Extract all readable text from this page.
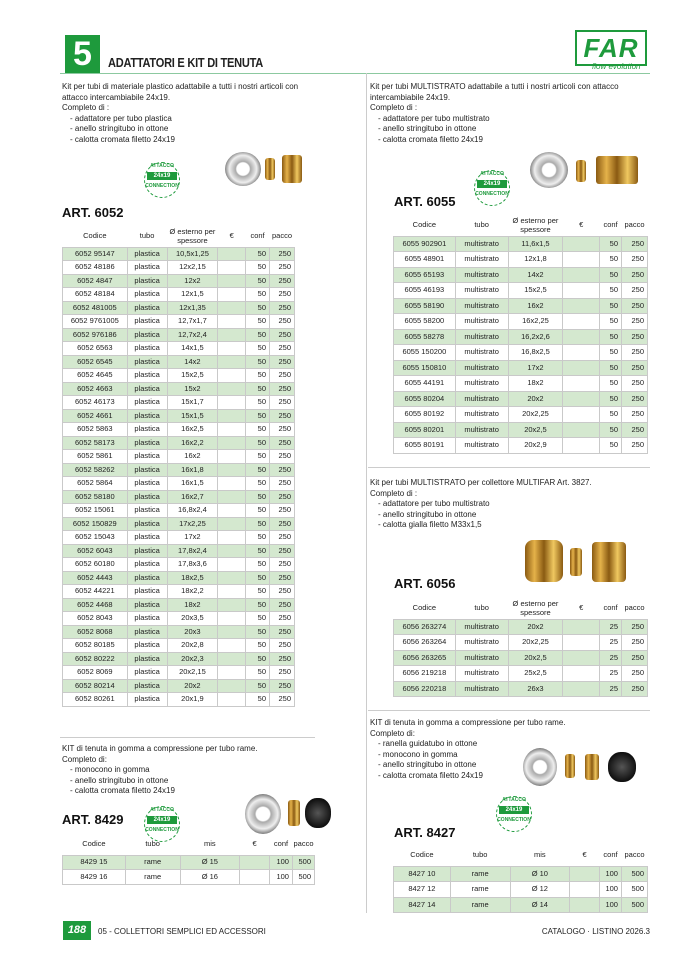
5	ADATTATORI E KIT DI TENUTA	FAR
flow evolution
Kit per tubi di materiale plastico adattabile a tutti i nostri articoli con attacco intercambiabile 24x19.
Completo di :
- adattatore per tubo plastica
- anello stringitubo in ottone
- calotta cromata filetto 24x19
KIT di tenuta in gomma a compressione per tubo rame.
Completo di:
- monocono in gomma
- anello stringitubo in ottone
- calotta cromata filetto 24x19
Kit per tubi MULTISTRATO adattabile a tutti i nostri articoli con attacco intercambiabile 24x19.
Completo di :
- adattatore per tubo multistrato
- anello stringitubo in ottone
- calotta cromata filetto 24x19
Kit per tubi MULTISTRATO per collettore MULTIFAR Art. 3827.
Completo di :
- adattatore per tubo multistrato
- anello stringitubo in ottone
- calotta gialla filetto M33x1,5
KIT di tenuta in gomma a compressione per tubo rame.
Completo di:
- ranella guidatubo in ottone
- monocono in gomma
- anello stringitubo in ottone
- calotta cromata filetto 24x19
ART. 6052
ART. 8429
ART. 6055
ART. 6056
ART. 8427
ATTACCO
24x19
CONNECTION
ATTACCO
24x19
CONNECTION
ATTACCO
24x19
CONNECTION
ATTACCO
24x19
CONNECTION
Codice	tubo	Ø esterno per spessore	€	conf	pacco
6052 95147	plastica	10,5x1,25		50	250
6052 48186	plastica	12x2,15		50	250
6052 4847	plastica	12x2		50	250
6052 48184	plastica	12x1,5		50	250
6052 481005	plastica	12x1,35		50	250
6052 9761005	plastica	12,7x1,7		50	250
6052 976186	plastica	12,7x2,4		50	250
6052 6563	plastica	14x1,5		50	250
6052 6545	plastica	14x2		50	250
6052 4645	plastica	15x2,5		50	250
6052 4663	plastica	15x2		50	250
6052 46173	plastica	15x1,7		50	250
6052 4661	plastica	15x1,5		50	250
6052 5863	plastica	16x2,5		50	250
6052 58173	plastica	16x2,2		50	250
6052 5861	plastica	16x2		50	250
6052 58262	plastica	16x1,8		50	250
6052 5864	plastica	16x1,5		50	250
6052 58180	plastica	16x2,7		50	250
6052 15061	plastica	16,8x2,4		50	250
6052 150829	plastica	17x2,25		50	250
6052 15043	plastica	17x2		50	250
6052 6043	plastica	17,8x2,4		50	250
6052 60180	plastica	17,8x3,6		50	250
6052 4443	plastica	18x2,5		50	250
6052 44221	plastica	18x2,2		50	250
6052 4468	plastica	18x2		50	250
6052 8043	plastica	20x3,5		50	250
6052 8068	plastica	20x3		50	250
6052 80185	plastica	20x2,8		50	250
6052 80222	plastica	20x2,3		50	250
6052 8069	plastica	20x2,15		50	250
6052 80214	plastica	20x2		50	250
6052 80261	plastica	20x1,9		50	250
Codice	tubo	mis	€	conf	pacco
8429 15	rame	Ø 15		100	500
8429 16	rame	Ø 16		100	500
Codice	tubo	Ø esterno per spessore	€	conf	pacco
6055 902901	multistrato	11,6x1,5		50	250
6055 48901	multistrato	12x1,8		50	250
6055 65193	multistrato	14x2		50	250
6055 46193	multistrato	15x2,5		50	250
6055 58190	multistrato	16x2		50	250
6055 58200	multistrato	16x2,25		50	250
6055 58278	multistrato	16,2x2,6		50	250
6055 150200	multistrato	16,8x2,5		50	250
6055 150810	multistrato	17x2		50	250
6055 44191	multistrato	18x2		50	250
6055 80204	multistrato	20x2		50	250
6055 80192	multistrato	20x2,25		50	250
6055 80201	multistrato	20x2,5		50	250
6055 80191	multistrato	20x2,9		50	250
Codice	tubo	Ø esterno per spessore	€	conf	pacco
6056 263274	multistrato	20x2		25	250
6056 263264	multistrato	20x2,25		25	250
6056 263265	multistrato	20x2,5		25	250
6056 219218	multistrato	25x2,5		25	250
6056 220218	multistrato	26x3		25	250
Codice	tubo	mis	€	conf	pacco
8427 10	rame	Ø 10		100	500
8427 12	rame	Ø 12		100	500
8427 14	rame	Ø 14		100	500
188	05 - COLLETTORI SEMPLICI ED ACCESSORI	CATALOGO · LISTINO 2026.3
